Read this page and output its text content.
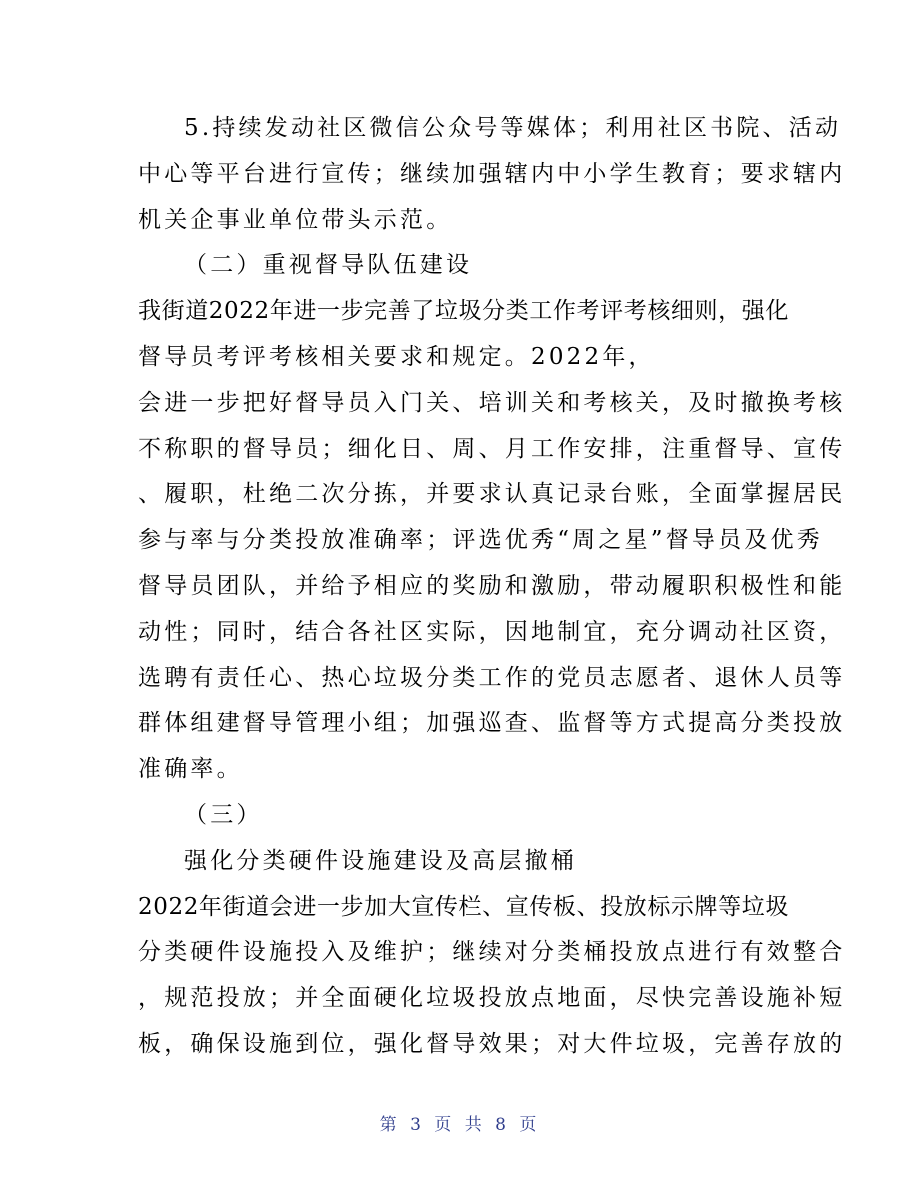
5.持续发动社区微信公众号等媒体；利用社区书院、活动
中心等平台进行宣传；继续加强辖内中小学生教育；要求辖内
机关企事业单位带头示范。
（二）重视督导队伍建设
我街道2022年进一步完善了垃圾分类工作考评考核细则，强化
督导员考评考核相关要求和规定。2022年，
会进一步把好督导员入门关、培训关和考核关，及时撤换考核
不称职的督导员；细化日、周、月工作安排，注重督导、宣传
、履职，杜绝二次分拣，并要求认真记录台账，全面掌握居民
参与率与分类投放准确率；评选优秀“周之星”督导员及优秀
督导员团队，并给予相应的奖励和激励，带动履职积极性和能
动性；同时，结合各社区实际，因地制宜，充分调动社区资，
选聘有责任心、热心垃圾分类工作的党员志愿者、退休人员等
群体组建督导管理小组；加强巡查、监督等方式提高分类投放
准确率。
（三）
强化分类硬件设施建设及高层撤桶
2022年街道会进一步加大宣传栏、宣传板、投放标示牌等垃圾
分类硬件设施投入及维护；继续对分类桶投放点进行有效整合
，规范投放；并全面硬化垃圾投放点地面，尽快完善设施补短
板，确保设施到位，强化督导效果；对大件垃圾，完善存放的
第 3 页 共 8 页
